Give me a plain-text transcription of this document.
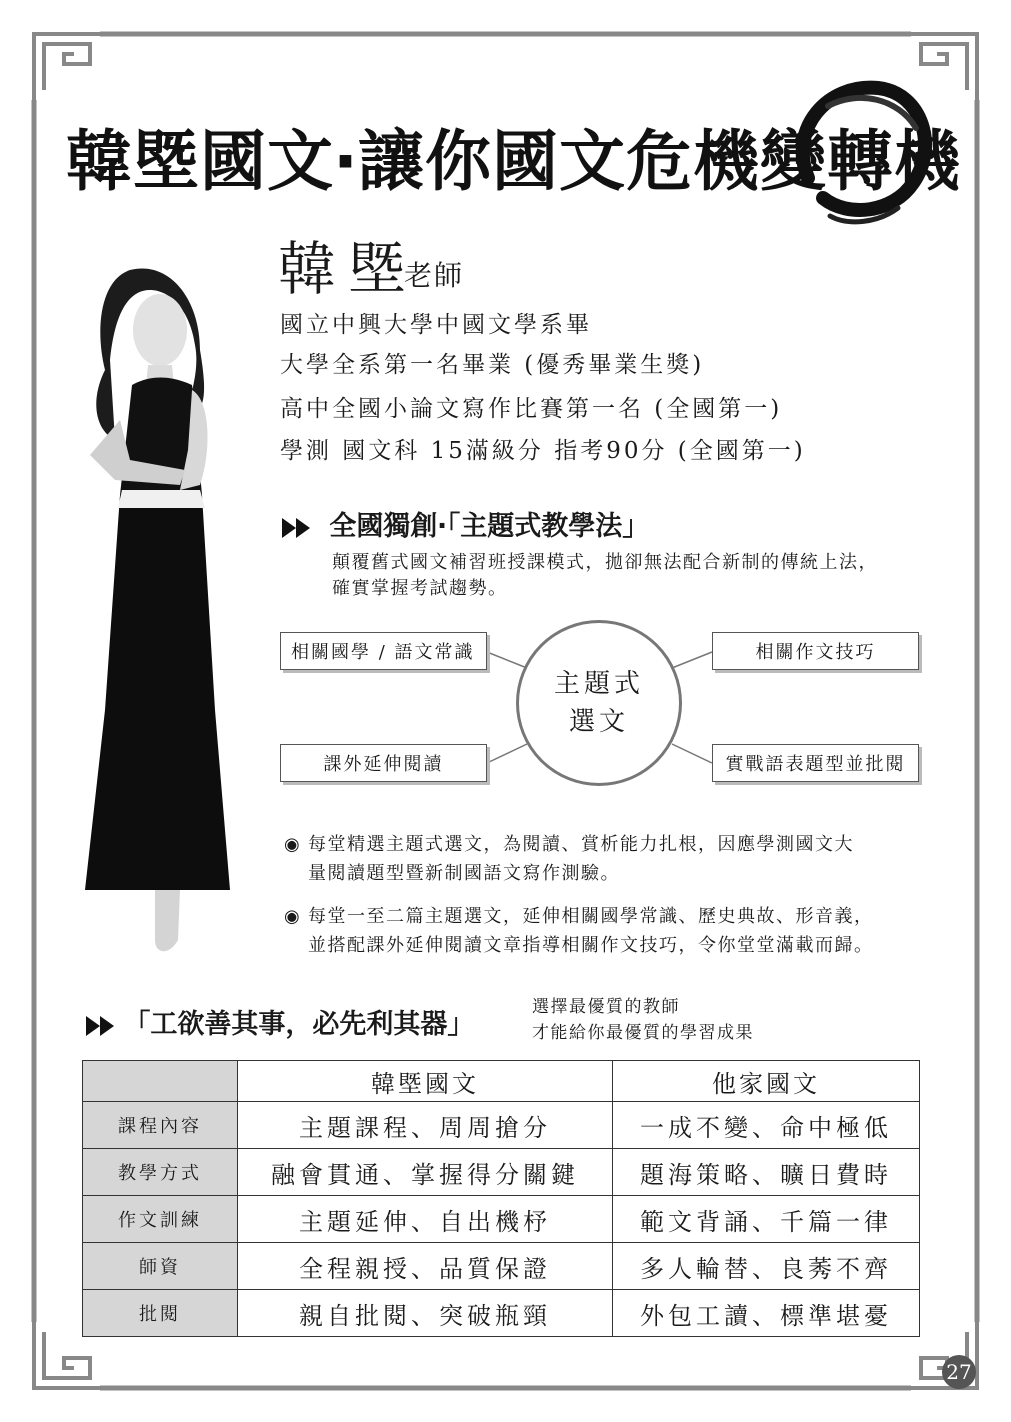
韓塈國文‧讓你國文危機變轉機
韓塈
老師
國立中興大學中國文學系畢
大學全系第一名畢業 (優秀畢業生獎)
高中全國小論文寫作比賽第一名 (全國第一)
學測 國文科 15滿級分 指考90分 (全國第一)
全國獨創‧「主題式教學法」
顛覆舊式國文補習班授課模式，拋卻無法配合新制的傳統上法，
確實掌握考試趨勢。
相關國學 / 語文常識	相關作文技巧
課外延伸閱讀	實戰語表題型並批閱
主題式
選文
◉ 每堂精選主題式選文，為閱讀、賞析能力扎根，因應學測國文大
量閱讀題型暨新制國語文寫作測驗。
◉ 每堂一至二篇主題選文，延伸相關國學常識、歷史典故、形音義，
並搭配課外延伸閱讀文章指導相關作文技巧，令你堂堂滿載而歸。
「工欲善其事，必先利其器」
選擇最優質的教師
才能給你最優質的學習成果
	韓塈國文	他家國文
課程內容	主題課程、周周搶分	一成不變、命中極低
教學方式	融會貫通、掌握得分關鍵	題海策略、曠日費時
作文訓練	主題延伸、自出機杼	範文背誦、千篇一律
師資	全程親授、品質保證	多人輪替、良莠不齊
批閱	親自批閱、突破瓶頸	外包工讀、標準堪憂
27
